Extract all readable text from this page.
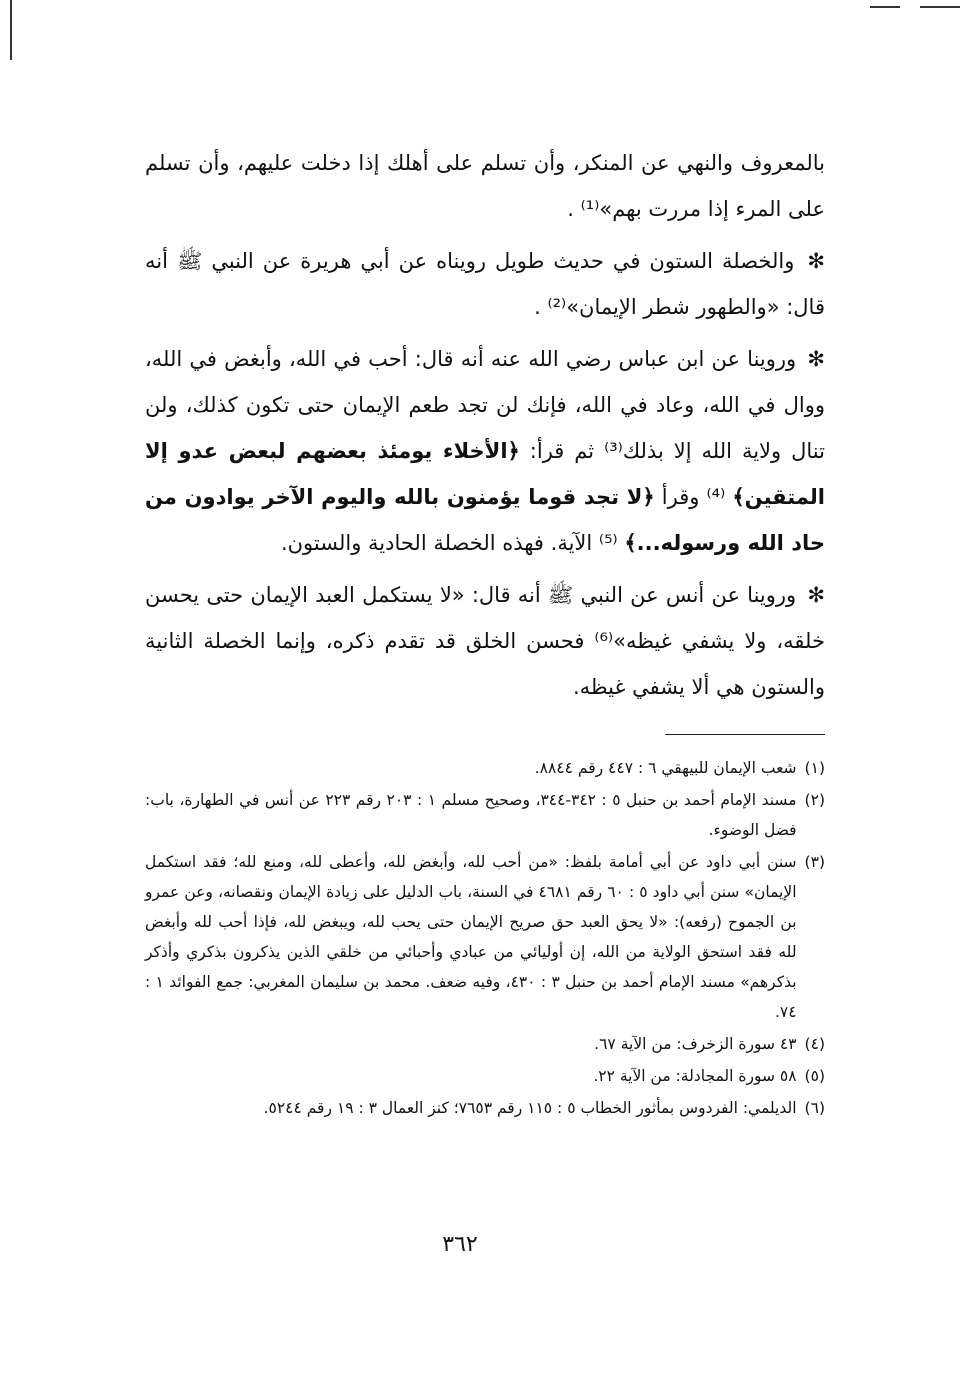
بالمعروف والنهي عن المنكر، وأن تسلم على أهلك إذا دخلت عليهم، وأن تسلم على المرء إذا مررت بهم»⁽¹⁾ .

✻ والخصلة الستون في حديث طويل رويناه عن أبي هريرة عن النبي ﷺ أنه قال: «والطهور شطر الإيمان»⁽²⁾ .

✻ وروينا عن ابن عباس رضي الله عنه أنه قال: أحب في الله، وأبغض في الله، ووال في الله، وعاد في الله، فإنك لن تجد طعم الإيمان حتى تكون كذلك، ولن تنال ولاية الله إلا بذلك⁽³⁾ ثم قرأ: ﴿الأخلاء يومئذ بعضهم لبعض عدو إلا المتقين﴾ ⁽⁴⁾ وقرأ ﴿لا تجد قوما يؤمنون بالله واليوم الآخر يوادون من حاد الله ورسوله...﴾ ⁽⁵⁾ الآية. فهذه الخصلة الحادية والستون.

✻ وروينا عن أنس عن النبي ﷺ أنه قال: «لا يستكمل العبد الإيمان حتى يحسن خلقه، ولا يشفي غيظه»⁽⁶⁾ فحسن الخلق قد تقدم ذكره، وإنما الخصلة الثانية والستون هي ألا يشفي غيظه.

(١)
شعب الإيمان للبيهقي ٦ : ٤٤٧ رقم ٨٨٤٤.
(٢)
مسند الإمام أحمد بن حنبل ٥ : ٣٤٢-٣٤٤، وصحيح مسلم ١ : ٢٠٣ رقم ٢٢٣ عن أنس في الطهارة، باب: فضل الوضوء.
(٣)
سنن أبي داود عن أبي أمامة بلفظ: «من أحب لله، وأبغض لله، وأعطى لله، ومنع لله؛ فقد استكمل الإيمان» سنن أبي داود ٥ : ٦٠ رقم ٤٦٨١ في السنة، باب الدليل على زيادة الإيمان ونقصانه، وعن عمرو بن الجموح (رفعه): «لا يحق العبد حق صريح الإيمان حتى يحب لله، ويبغض لله، فإذا أحب لله وأبغض لله فقد استحق الولاية من الله، إن أوليائي من عبادي وأحبائي من خلقي الذين يذكرون بذكري وأذكر بذكرهم» مسند الإمام أحمد بن حنبل ٣ : ٤٣٠، وفيه ضعف. محمد بن سليمان المغربي: جمع الفوائد ١ : ٧٤.
(٤)
٤٣ سورة الزخرف: من الآية ٦٧.
(٥)
٥٨ سورة المجادلة: من الآية ٢٢.
(٦)
الديلمي: الفردوس بمأثور الخطاب ٥ : ١١٥ رقم ٧٦٥٣؛ كنز العمال ٣ : ١٩ رقم ٥٢٤٤.
٣٦٢
